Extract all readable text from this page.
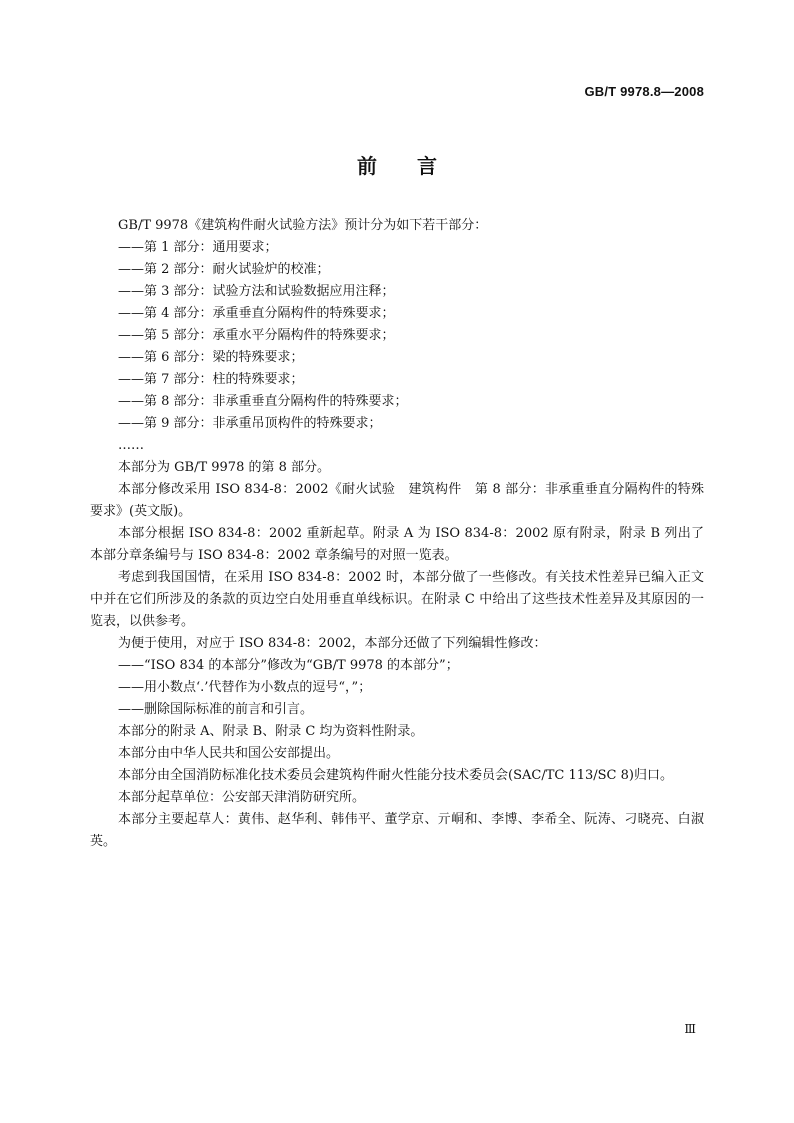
GB/T 9978.8—2008

前言

GB/T 9978《建筑构件耐火试验方法》预计分为如下若干部分：

——第 1 部分：通用要求；
——第 2 部分：耐火试验炉的校准；
——第 3 部分：试验方法和试验数据应用注释；
——第 4 部分：承重垂直分隔构件的特殊要求；
——第 5 部分：承重水平分隔构件的特殊要求；
——第 6 部分：梁的特殊要求；
——第 7 部分：柱的特殊要求；
——第 8 部分：非承重垂直分隔构件的特殊要求；
——第 9 部分：非承重吊顶构件的特殊要求；
……

本部分为 GB/T 9978 的第 8 部分。

本部分修改采用 ISO 834-8：2002《耐火试验　建筑构件　第 8 部分：非承重垂直分隔构件的特殊要求》(英文版)。

本部分根据 ISO 834-8：2002 重新起草。附录 A 为 ISO 834-8：2002 原有附录，附录 B 列出了本部分章条编号与 ISO 834-8：2002 章条编号的对照一览表。

考虑到我国国情，在采用 ISO 834-8：2002 时，本部分做了一些修改。有关技术性差异已编入正文中并在它们所涉及的条款的页边空白处用垂直单线标识。在附录 C 中给出了这些技术性差异及其原因的一览表，以供参考。

为便于使用，对应于 ISO 834-8：2002，本部分还做了下列编辑性修改：

——“ISO 834 的本部分”修改为“GB/T 9978 的本部分”；
——用小数点‘.’代替作为小数点的逗号“，”；
——删除国际标准的前言和引言。

本部分的附录 A、附录 B、附录 C 均为资料性附录。

本部分由中华人民共和国公安部提出。

本部分由全国消防标准化技术委员会建筑构件耐火性能分技术委员会(SAC/TC 113/SC 8)归口。

本部分起草单位：公安部天津消防研究所。

本部分主要起草人：黄伟、赵华利、韩伟平、董学京、亓峒和、李博、李希全、阮涛、刁晓亮、白淑英。

Ⅲ
